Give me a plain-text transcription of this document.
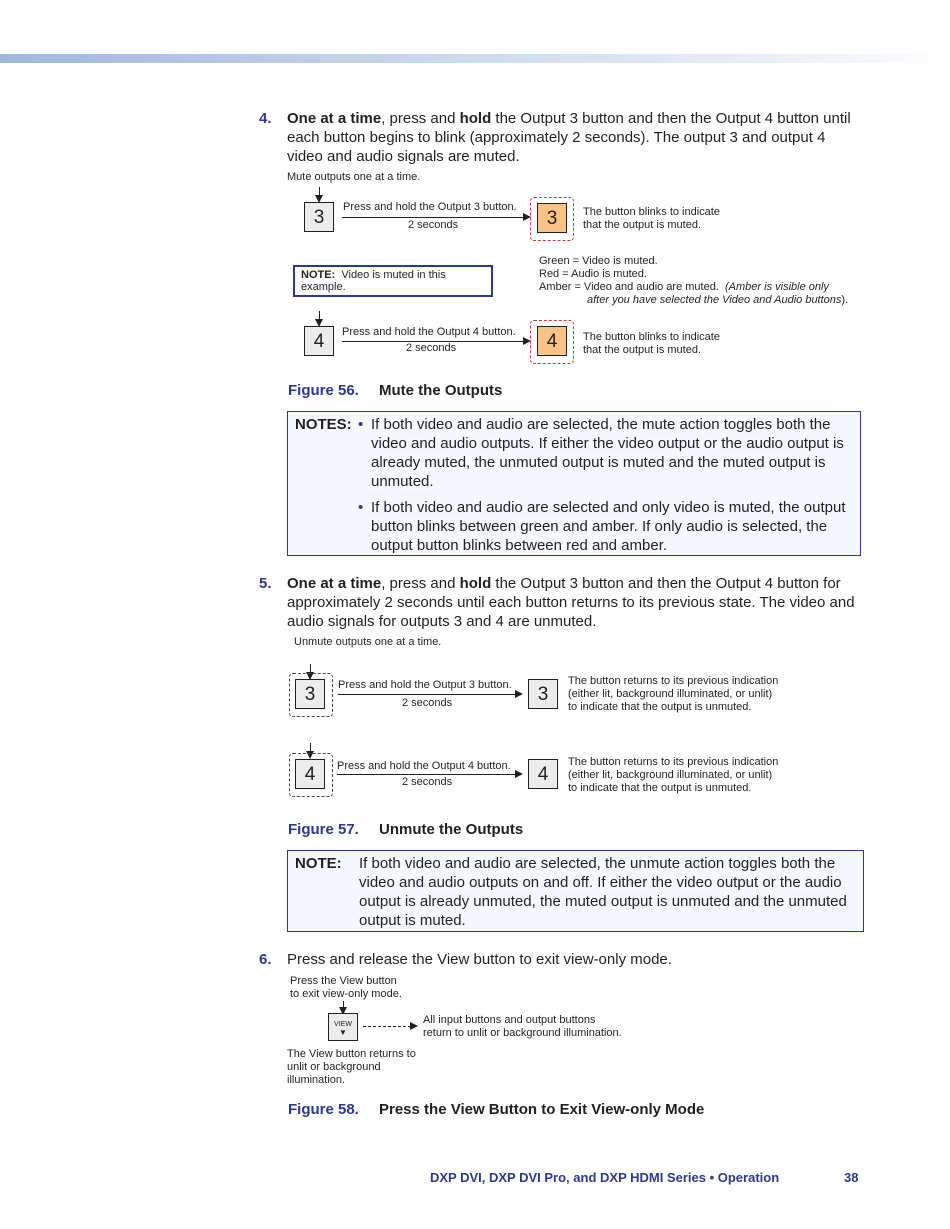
4. One at a time, press and hold the Output 3 button and then the Output 4 button until each button begins to blink (approximately 2 seconds). The output 3 and output 4 video and audio signals are muted.
Mute outputs one at a time.
3	Press and hold the Output 3 button.
2 seconds	3	The button blinks to indicate
that the output is muted.
NOTE: Video is muted in this example.
Green = Video is muted.
Red = Audio is muted.
Amber = Video and audio are muted. (Amber is visible only
after you have selected the Video and Audio buttons).
4	Press and hold the Output 4 button.
2 seconds	4	The button blinks to indicate
that the output is muted.
Figure 56. Mute the Outputs
NOTES: • If both video and audio are selected, the mute action toggles both the video and audio outputs. If either the video output or the audio output is already muted, the unmuted output is muted and the muted output is unmuted.
• If both video and audio are selected and only video is muted, the output button blinks between green and amber. If only audio is selected, the output button blinks between red and amber.
5. One at a time, press and hold the Output 3 button and then the Output 4 button for approximately 2 seconds until each button returns to its previous state. The video and audio signals for outputs 3 and 4 are unmuted.
Unmute outputs one at a time.
3	Press and hold the Output 3 button.
2 seconds	3
The button returns to its previous indication
(either lit, background illuminated, or unlit)
to indicate that the output is unmuted.
4	Press and hold the Output 4 button.
2 seconds	4
The button returns to its previous indication
(either lit, background illuminated, or unlit)
to indicate that the output is unmuted.
Figure 57. Unmute the Outputs
NOTE: If both video and audio are selected, the unmute action toggles both the video and audio outputs on and off. If either the video output or the audio output is already unmuted, the muted output is unmuted and the unmuted output is muted.
6. Press and release the View button to exit view-only mode.
Press the View button
to exit view-only mode.
VIEW
▼
All input buttons and output buttons
return to unlit or background illumination.
The View button returns to
unlit or background
illumination.
Figure 58. Press the View Button to Exit View-only Mode
DXP DVI, DXP DVI Pro, and DXP HDMI Series • Operation	38
